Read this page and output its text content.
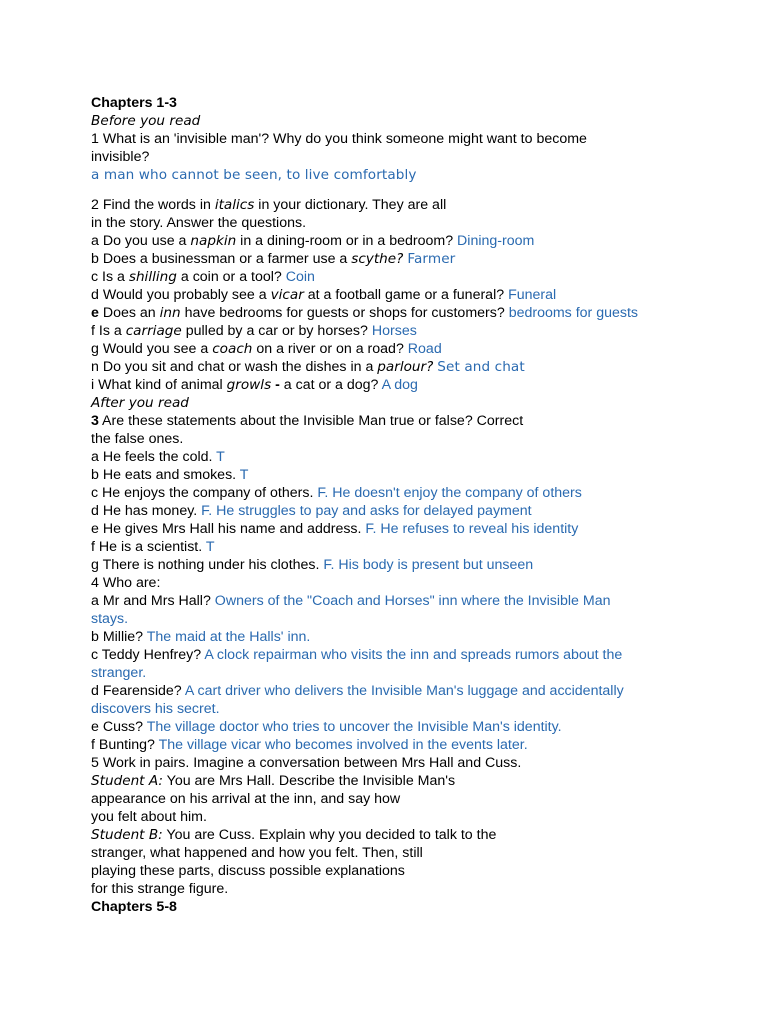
Chapters 1-3
Before you read
1 What is an 'invisible man'? Why do you think someone might want to become
invisible?
a man who cannot be seen, to live comfortably
2 Find the words in italics in your dictionary. They are all
in the story. Answer the questions.
a Do you use a napkin in a dining-room or in a bedroom? Dining-room
b Does a businessman or a farmer use a scythe? Farmer
c Is a shilling a coin or a tool? Coin
d Would you probably see a vicar at a football game or a funeral? Funeral
e Does an inn have bedrooms for guests or shops for customers? bedrooms for guests
f Is a carriage pulled by a car or by horses? Horses
g Would you see a coach on a river or on a road? Road
n Do you sit and chat or wash the dishes in a parlour? Set and chat
i What kind of animal growls - a cat or a dog? A dog
After you read
3 Are these statements about the Invisible Man true or false? Correct
the false ones.
a He feels the cold. T
b He eats and smokes. T
c He enjoys the company of others. F. He doesn't enjoy the company of others
d He has money. F. He struggles to pay and asks for delayed payment
e He gives Mrs Hall his name and address. F. He refuses to reveal his identity
f He is a scientist. T
g There is nothing under his clothes. F. His body is present but unseen
4 Who are:
a Mr and Mrs Hall? Owners of the "Coach and Horses" inn where the Invisible Man
stays.
b Millie? The maid at the Halls' inn.
c Teddy Henfrey? A clock repairman who visits the inn and spreads rumors about the
stranger.
d Fearenside? A cart driver who delivers the Invisible Man's luggage and accidentally
discovers his secret.
e Cuss? The village doctor who tries to uncover the Invisible Man's identity.
f Bunting? The village vicar who becomes involved in the events later.
5 Work in pairs. Imagine a conversation between Mrs Hall and Cuss.
Student A: You are Mrs Hall. Describe the Invisible Man's
appearance on his arrival at the inn, and say how
you felt about him.
Student B: You are Cuss. Explain why you decided to talk to the
stranger, what happened and how you felt. Then, still
playing these parts, discuss possible explanations
for this strange figure.
Chapters 5-8
